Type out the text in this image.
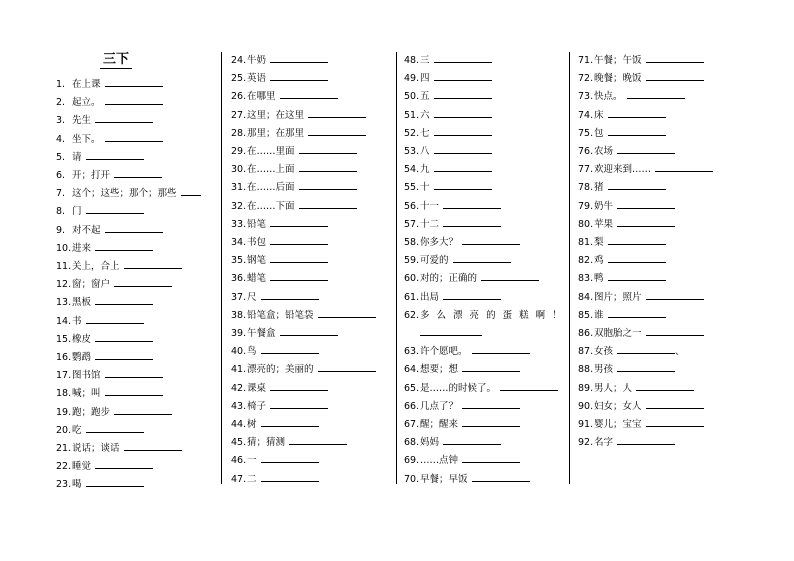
三下
1. 在上课
2. 起立。
3. 先生
4. 坐下。
5. 请
6. 开；打开
7. 这个；这些；那个；那些
8. 门
9. 对不起
10.进来
11.关上，合上
12.窗；窗户
13.黑板
14.书
15.橡皮
16.鹦鹉
17.图书馆
18.喊；叫
19.跑；跑步
20.吃
21.说话；谈话
22.睡觉
23.喝
24.牛奶
25.英语
26.在哪里
27.这里；在这里
28.那里；在那里
29.在……里面
30.在……上面
31.在……后面
32.在……下面
33.铅笔
34.书包
35.钢笔
36.蜡笔
37.尺
38.铅笔盒；铅笔袋
39.午餐盒
40.鸟
41.漂亮的；美丽的
42.课桌
43.椅子
44.树
45.猜；猜测
46.一
47.二
48.三
49.四
50.五
51.六
52.七
53.八
54.九
55.十
56.十一
57.十二
58.你多大？
59.可爱的
60.对的；正确的
61.出局
62.多 么 漂 亮 的 蛋 糕 啊 ！
63.许个愿吧。
64.想要；想
65.是……的时候了。
66.几点了？
67.醒；醒来
68.妈妈
69.……点钟
70.早餐；早饭
71.午餐；午饭
72.晚餐；晚饭
73.快点。
74.床
75.包
76.农场
77.欢迎来到……
78.猪
79.奶牛
80.苹果
81.梨
82.鸡
83.鸭
84.图片；照片
85.谁
86.双胞胎之一
87.女孩	、
88.男孩
89.男人；人
90.妇女；女人
91.婴儿；宝宝
92.名字
